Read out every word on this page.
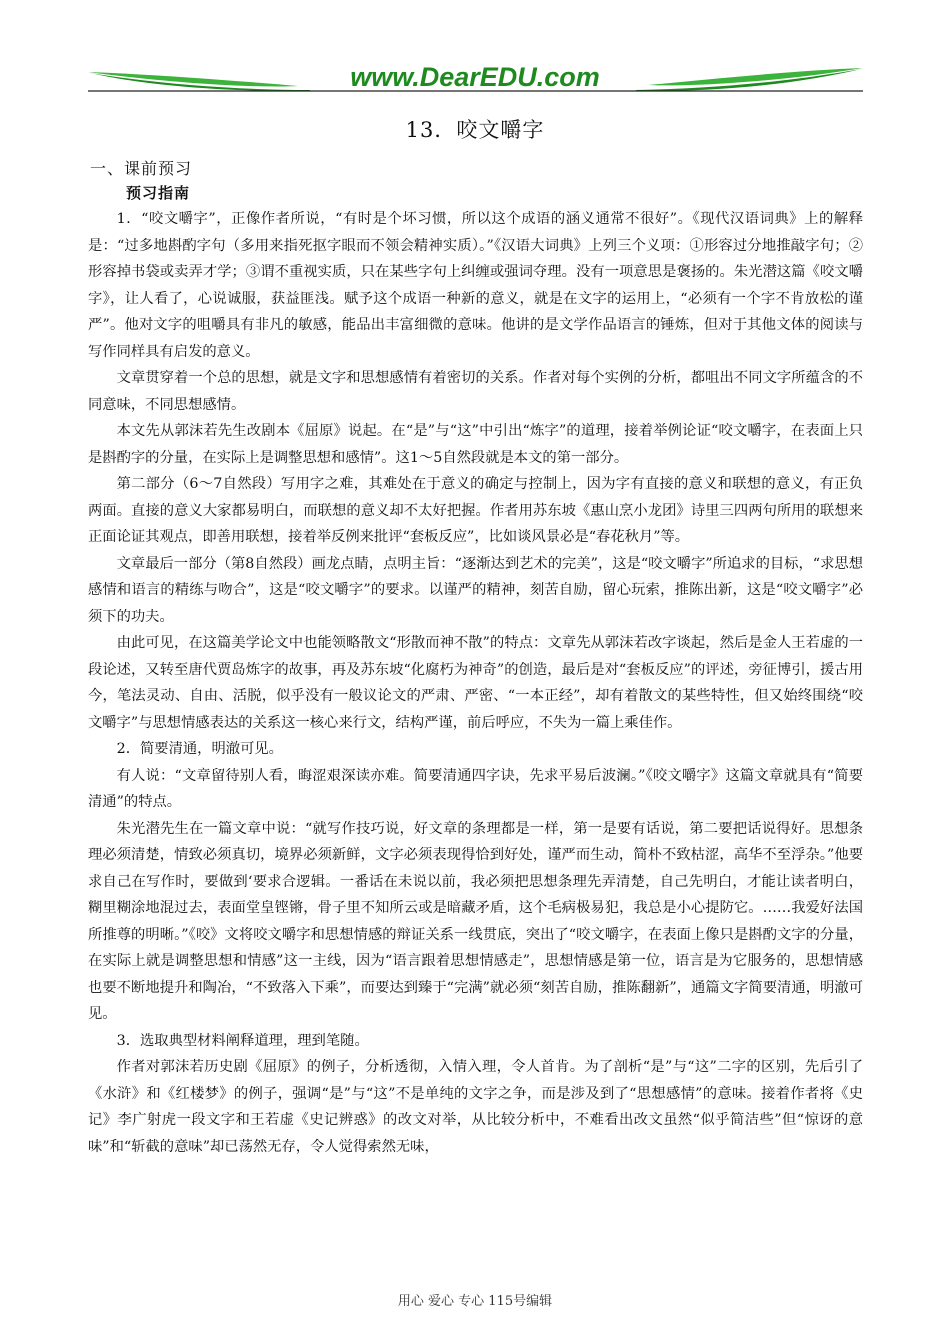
www.DearEDU.com
13．咬文嚼字
一、课前预习
预习指南

1．“咬文嚼字”，正像作者所说，“有时是个坏习惯，所以这个成语的涵义通常不很好”。《现代汉语词典》上的解释是：“过多地斟酌字句（多用来指死抠字眼而不领会精神实质）。”《汉语大词典》上列三个义项：①形容过分地推敲字句；②形容掉书袋或卖弄才学；③谓不重视实质，只在某些字句上纠缠或强词夺理。没有一项意思是褒扬的。朱光潜这篇《咬文嚼字》，让人看了，心说诚服，获益匪浅。赋予这个成语一种新的意义，就是在文字的运用上，“必须有一个字不肯放松的谨严”。他对文字的咀嚼具有非凡的敏感，能品出丰富细微的意味。他讲的是文学作品语言的锤炼，但对于其他文体的阅读与写作同样具有启发的意义。

文章贯穿着一个总的思想，就是文字和思想感情有着密切的关系。作者对每个实例的分析，都咀出不同文字所蕴含的不同意味，不同思想感情。

本文先从郭沫若先生改剧本《屈原》说起。在“是”与“这”中引出“炼字”的道理，接着举例论证“咬文嚼字，在表面上只是斟酌字的分量，在实际上是调整思想和感情”。这1～5自然段就是本文的第一部分。

第二部分（6～7自然段）写用字之难，其难处在于意义的确定与控制上，因为字有直接的意义和联想的意义，有正负两面。直接的意义大家都易明白，而联想的意义却不太好把握。作者用苏东坡《惠山烹小龙团》诗里三四两句所用的联想来正面论证其观点，即善用联想，接着举反例来批评“套板反应”，比如谈风景必是“春花秋月”等。

文章最后一部分（第8自然段）画龙点睛，点明主旨：“逐渐达到艺术的完美”，这是“咬文嚼字”所追求的目标，“求思想感情和语言的精练与吻合”，这是“咬文嚼字”的要求。以谨严的精神，刻苦自励，留心玩索，推陈出新，这是“咬文嚼字”必须下的功夫。

由此可见，在这篇美学论文中也能领略散文“形散而神不散”的特点：文章先从郭沫若改字谈起，然后是金人王若虚的一段论述，又转至唐代贾岛炼字的故事，再及苏东坡“化腐朽为神奇”的创造，最后是对“套板反应”的评述，旁征博引，援古用今，笔法灵动、自由、活脱，似乎没有一般议论文的严肃、严密、“一本正经”，却有着散文的某些特性，但又始终围绕“咬文嚼字”与思想情感表达的关系这一核心来行文，结构严谨，前后呼应，不失为一篇上乘佳作。

2．简要清通，明澈可见。

有人说：“文章留待别人看，晦涩艰深读亦难。简要清通四字诀，先求平易后波澜。”《咬文嚼字》这篇文章就具有“简要清通”的特点。

朱光潜先生在一篇文章中说：“就写作技巧说，好文章的条理都是一样，第一是要有话说，第二要把话说得好。思想条理必须清楚，情致必须真切，境界必须新鲜，文字必须表现得恰到好处，谨严而生动，简朴不致枯涩，高华不至浮杂。”他要求自己在写作时，要做到‘要求合逻辑。一番话在未说以前，我必须把思想条理先弄清楚，自己先明白，才能让读者明白，糊里糊涂地混过去，表面堂皇铿锵，骨子里不知所云或是暗藏矛盾，这个毛病极易犯，我总是小心提防它。……我爱好法国所推尊的明晰。”《咬》文将咬文嚼字和思想情感的辩证关系一线贯底，突出了“咬文嚼字，在表面上像只是斟酌文字的分量，在实际上就是调整思想和情感”这一主线，因为“语言跟着思想情感走”，思想情感是第一位，语言是为它服务的，思想情感也要不断地提升和陶冶，“不致落入下乘”，而要达到臻于“完满”就必须“刻苦自励，推陈翻新”，通篇文字简要清通，明澈可见。

3．选取典型材料阐释道理，理到笔随。

作者对郭沫若历史剧《屈原》的例子，分析透彻，入情入理，令人首肯。为了剖析“是”与“这”二字的区别，先后引了《水浒》和《红楼梦》的例子，强调“是”与“这”不是单纯的文字之争，而是涉及到了“思想感情”的意味。接着作者将《史记》李广射虎一段文字和王若虚《史记辨惑》的改文对举，从比较分析中，不难看出改文虽然“似乎简洁些”但“惊讶的意味”和“斩截的意味”却已荡然无存，令人觉得索然无味，

用心 爱心 专心 115号编辑
